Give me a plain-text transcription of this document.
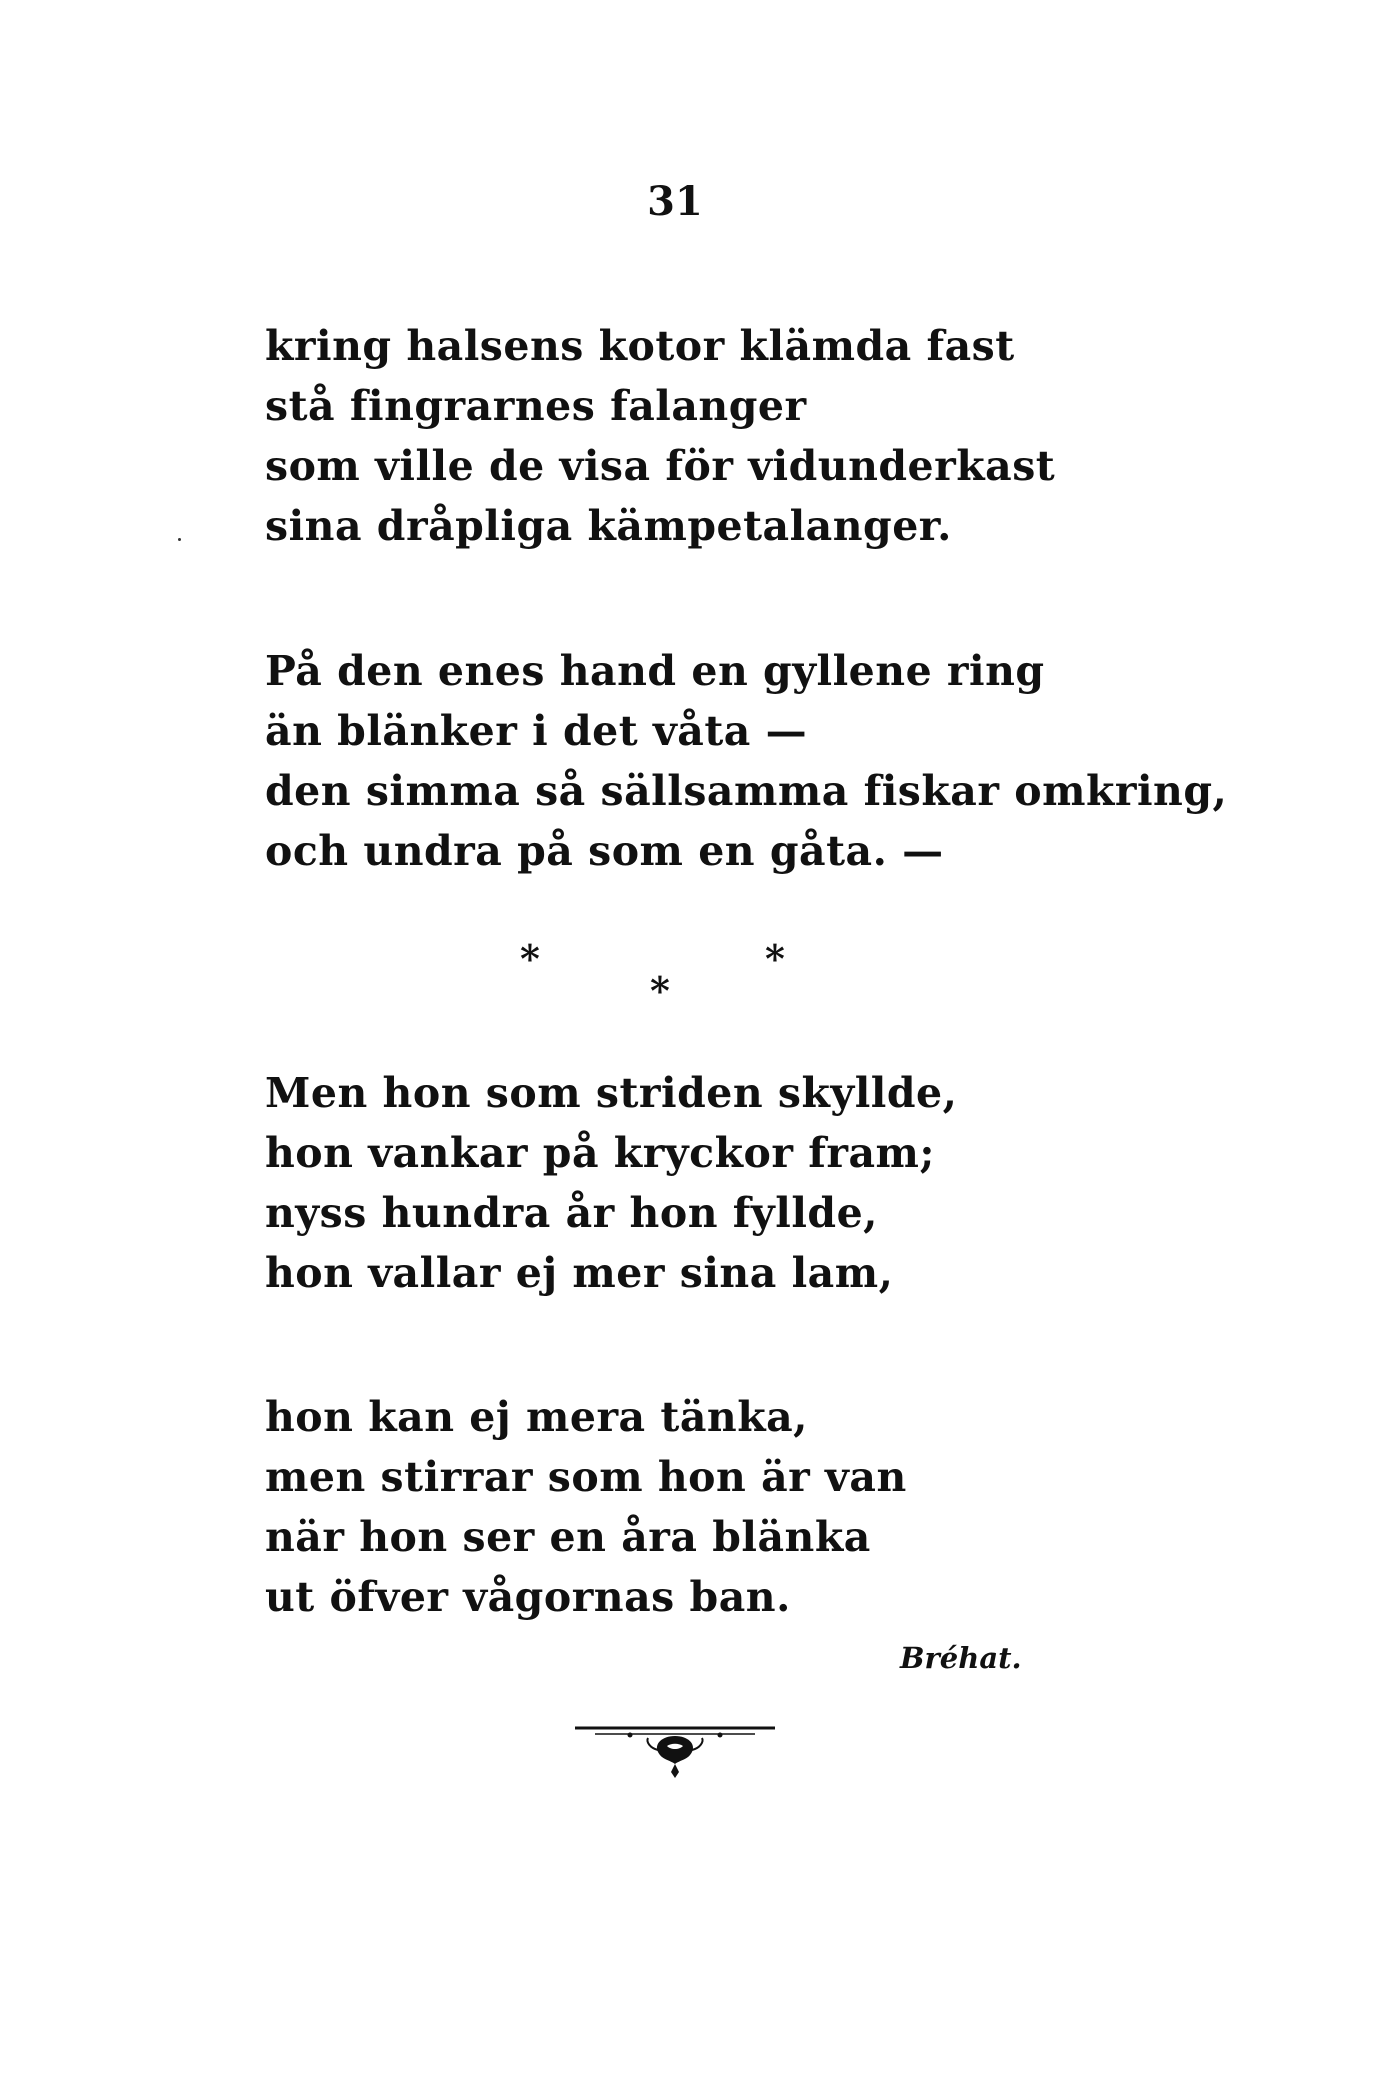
31
kring halsens kotor klämda fast
stå fingrarnes falanger
som ville de visa för vidunderkast
sina dråpliga kämpetalanger.
På den enes hand en gyllene ring
än blänker i det våta —
den simma så sällsamma fiskar omkring,
och undra på som en gåta. —
*
*
*
Men hon som striden skyllde,
hon vankar på kryckor fram;
nyss hundra år hon fyllde,
hon vallar ej mer sina lam,
hon kan ej mera tänka,
men stirrar som hon är van
när hon ser en åra blänka
ut öfver vågornas ban.
Bréhat.
